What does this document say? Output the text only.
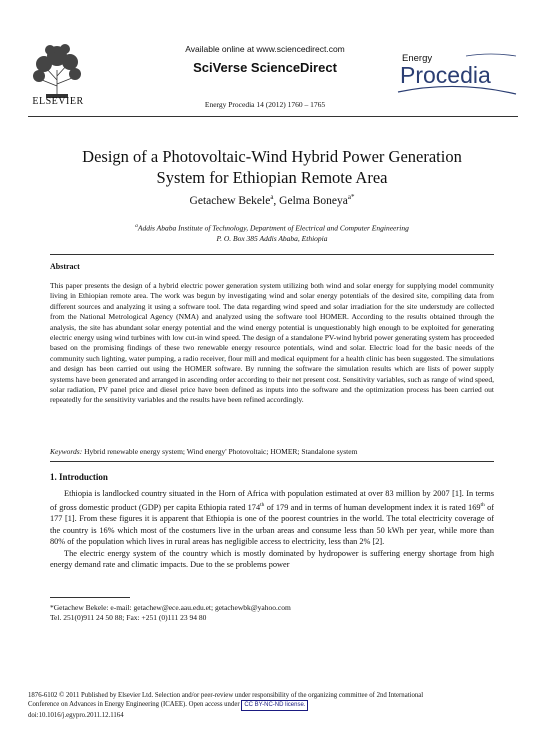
ELSEVIER
Available online at www.sciencedirect.com
SciVerse ScienceDirect
Energy Procedia 14 (2012) 1760 – 1765
Energy
Procedia
Design of a Photovoltaic-Wind Hybrid Power Generation
System for Ethiopian Remote Area
Getachew Bekele$^a$, Gelma Boneya$^{a*}$
$^a$Addis Ababa Institute of Technology, Department of Electrical and Computer Engineering
P. O. Box 385 Addis Ababa, Ethiopia
Abstract
This paper presents the design of a hybrid electric power generation system utilizing both wind and solar energy for supplying model community living in Ethiopian remote area. The work was begun by investigating wind and solar energy potentials of the desired site, compiling data from different sources and analyzing it using a software tool. The data regarding wind speed and solar irradiation for the site understudy are collected from the National Metrological Agency (NMA) and analyzed using the software tool HOMER. According to the results obtained through the analysis, the site has abundant solar energy potential and the wind energy potential is unquestionably high enough to be exploited for generating electric energy using wind turbines with low cut-in wind speed. The design of a standalone PV-wind hybrid power generating system has proceeded based on the promising findings of these two renewable energy resource potentials, wind and solar. Electric load for the basic needs of the community such lighting, water pumping, a radio receiver, flour mill and medical equipment for a health clinic has been suggested. The simulations and design has been carried out using the HOMER software. By running the software the simulation results which are lists of power supply systems have been generated and arranged in ascending order according to their net present cost. Sensitivity variables, such as range of wind speed, solar radiation, PV panel price and diesel price have been defined as inputs into the software and the optimization process has been carried out repeatedly for the sensitivity variables and the results have been refined accordingly.
Keywords: Hybrid renewable energy system; Wind energy' Photovoltaic; HOMER; Standalone system
1. Introduction

Ethiopia is landlocked country situated in the Horn of Africa with population estimated at over 83 million by 2007 [1]. In terms of gross domestic product (GDP) per capita Ethiopia rated 174th of 179 and in terms of human development index it is rated 169th of 177 [1]. From these figures it is apparent that Ethiopia is one of the poorest countries in the world. The total electricity coverage of the country is 16% which most of the costumers live in the urban areas and consume less than 50 kWh per year, while more than 80% of the population which lives in rural areas has negligible access to electricity, less than 2% [2].

The electric energy system of the country which is mostly dominated by hydropower is suffering energy shortage from high energy demand rate and climatic impacts. Due to the se problems power

*Getachew Bekele: e-mail: getachew@ece.aau.edu.et; getachewbk@yahoo.com
Tel. 251(0)911 24 50 88; Fax: +251 (0)111 23 94 80
1876-6102 © 2011 Published by Elsevier Ltd. Selection and/or peer-review under responsibility of the organizing committee of 2nd International
Conference on Advances in Energy Engineering (ICAEE). Open access under CC BY-NC-ND license.
doi:10.1016/j.egypro.2011.12.1164
